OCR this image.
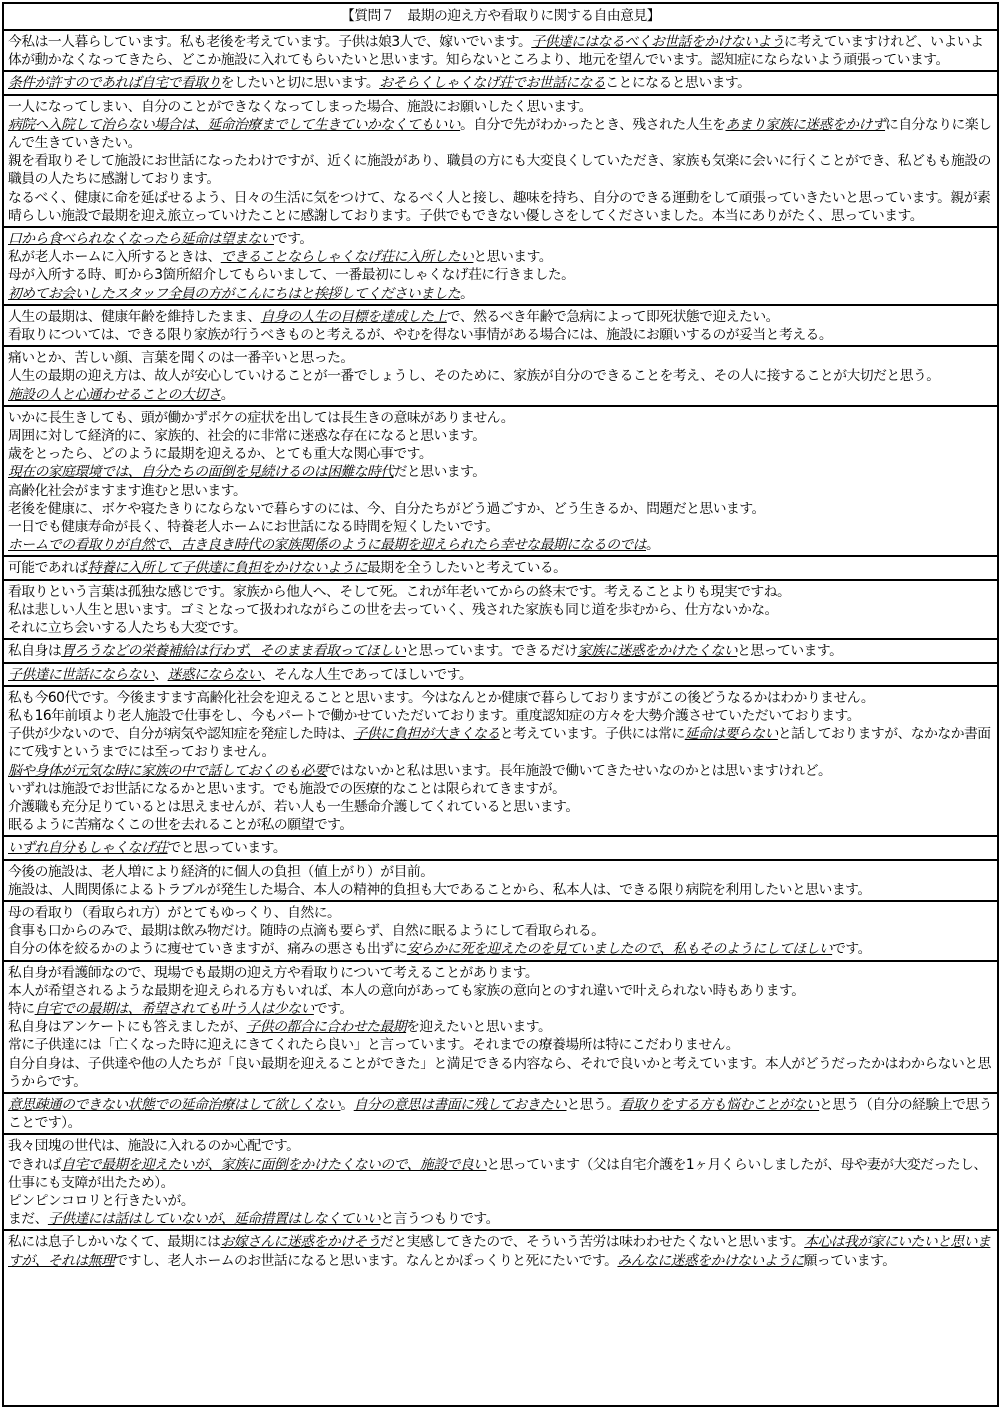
【質問７　最期の迎え方や看取りに関する自由意見】

今私は一人暮らしています。私も老後を考えています。子供は娘3人で、嫁いでいます。子供達にはなるべくお世話をかけないように考えていますけれど、いよいよ体が動かなくなってきたら、どこか施設に入れてもらいたいと思います。知らないところより、地元を望んでいます。認知症にならないよう頑張っています。

条件が許すのであれば自宅で看取りをしたいと切に思います。おそらくしゃくなげ荘でお世話になることになると思います。

一人になってしまい、自分のことができなくなってしまった場合、施設にお願いしたく思います。

病院へ入院して治らない場合は、延命治療までして生きていかなくてもいい。自分で先がわかったとき、残された人生をあまり家族に迷惑をかけずに自分なりに楽しんで生きていきたい。

親を看取りそして施設にお世話になったわけですが、近くに施設があり、職員の方にも大変良くしていただき、家族も気楽に会いに行くことができ、私どもも施設の職員の人たちに感謝しております。

なるべく、健康に命を延ばせるよう、日々の生活に気をつけて、なるべく人と接し、趣味を持ち、自分のできる運動をして頑張っていきたいと思っています。親が素晴らしい施設で最期を迎え旅立っていけたことに感謝しております。子供でもできない優しさをしてくださいました。本当にありがたく、思っています。

口から食べられなくなったら延命は望まないです。

私が老人ホームに入所するときは、できることならしゃくなげ荘に入所したいと思います。

母が入所する時、町から3箇所紹介してもらいまして、一番最初にしゃくなげ荘に行きました。

初めてお会いしたスタッフ全員の方がこんにちはと挨拶してくださいました。

人生の最期は、健康年齢を維持したまま、自身の人生の目標を達成した上で、然るべき年齢で急病によって即死状態で迎えたい。

看取りについては、できる限り家族が行うべきものと考えるが、やむを得ない事情がある場合には、施設にお願いするのが妥当と考える。

痛いとか、苦しい顔、言葉を聞くのは一番辛いと思った。

人生の最期の迎え方は、故人が安心していけることが一番でしょうし、そのために、家族が自分のできることを考え、その人に接することが大切だと思う。

施設の人と心通わせることの大切さ。

いかに長生きしても、頭が働かずボケの症状を出しては長生きの意味がありません。

周囲に対して経済的に、家族的、社会的に非常に迷惑な存在になると思います。

歳をとったら、どのように最期を迎えるか、とても重大な関心事です。

現在の家庭環境では、自分たちの面倒を見続けるのは困難な時代だと思います。

高齢化社会がますます進むと思います。

老後を健康に、ボケや寝たきりにならないで暮らすのには、今、自分たちがどう過ごすか、どう生きるか、問題だと思います。

一日でも健康寿命が長く、特養老人ホームにお世話になる時間を短くしたいです。

ホームでの看取りが自然で、古き良き時代の家族関係のように最期を迎えられたら幸せな最期になるのでは。

可能であれば特養に入所して子供達に負担をかけないように最期を全うしたいと考えている。

看取りという言葉は孤独な感じです。家族から他人へ、そして死。これが年老いてからの終末です。考えることよりも現実ですね。

私は悲しい人生と思います。ゴミとなって扱われながらこの世を去っていく、残された家族も同じ道を歩むから、仕方ないかな。

それに立ち会いする人たちも大変です。

私自身は胃ろうなどの栄養補給は行わず、そのまま看取ってほしいと思っています。できるだけ家族に迷惑をかけたくないと思っています。

子供達に世話にならない、迷惑にならない、そんな人生であってほしいです。

私も今60代です。今後ますます高齢化社会を迎えることと思います。今はなんとか健康で暮らしておりますがこの後どうなるかはわかりません。

私も16年前頃より老人施設で仕事をし、今もパートで働かせていただいております。重度認知症の方々を大勢介護させていただいております。

子供が少ないので、自分が病気や認知症を発症した時は、子供に負担が大きくなると考えています。子供には常に延命は要らないと話しておりますが、なかなか書面にて残すというまでには至っておりません。

脳や身体が元気な時に家族の中で話しておくのも必要ではないかと私は思います。長年施設で働いてきたせいなのかとは思いますけれど。

いずれは施設でお世話になるかと思います。でも施設での医療的なことは限られてきますが。

介護職も充分足りているとは思えませんが、若い人も一生懸命介護してくれていると思います。

眠るように苦痛なくこの世を去れることが私の願望です。

いずれ自分もしゃくなげ荘でと思っています。

今後の施設は、老人増により経済的に個人の負担（値上がり）が目前。

施設は、人間関係によるトラブルが発生した場合、本人の精神的負担も大であることから、私本人は、できる限り病院を利用したいと思います。

母の看取り（看取られ方）がとてもゆっくり、自然に。

食事も口からのみで、最期は飲み物だけ。随時の点滴も要らず、自然に眠るようにして看取られる。

自分の体を絞るかのように痩せていきますが、痛みの悪さも出ずに安らかに死を迎えたのを見ていましたので、私もそのようにしてほしいです。

私自身が看護師なので、現場でも最期の迎え方や看取りについて考えることがあります。

本人が希望されるような最期を迎えられる方もいれば、本人の意向があっても家族の意向とのすれ違いで叶えられない時もあります。

特に自宅での最期は、希望されても叶う人は少ないです。

私自身はアンケートにも答えましたが、子供の都合に合わせた最期を迎えたいと思います。

常に子供達には「亡くなった時に迎えにきてくれたら良い」と言っています。それまでの療養場所は特にこだわりません。

自分自身は、子供達や他の人たちが「良い最期を迎えることができた」と満足できる内容なら、それで良いかと考えています。本人がどうだったかはわからないと思うからです。

意思疎通のできない状態での延命治療はして欲しくない。自分の意思は書面に残しておきたいと思う。看取りをする方も悩むことがないと思う（自分の経験上で思うことです）。

我々団塊の世代は、施設に入れるのか心配です。

できれば自宅で最期を迎えたいが、家族に面倒をかけたくないので、施設で良いと思っています（父は自宅介護を1ヶ月くらいしましたが、母や妻が大変だったし、仕事にも支障が出たため）。

ピンピンコロリと行きたいが。

まだ、子供達には話はしていないが、延命措置はしなくていいと言うつもりです。

私には息子しかいなくて、最期にはお嫁さんに迷惑をかけそうだと実感してきたので、そういう苦労は味わわせたくないと思います。本心は我が家にいたいと思いますが、それは無理ですし、老人ホームのお世話になると思います。なんとかぽっくりと死にたいです。みんなに迷惑をかけないように願っています。
